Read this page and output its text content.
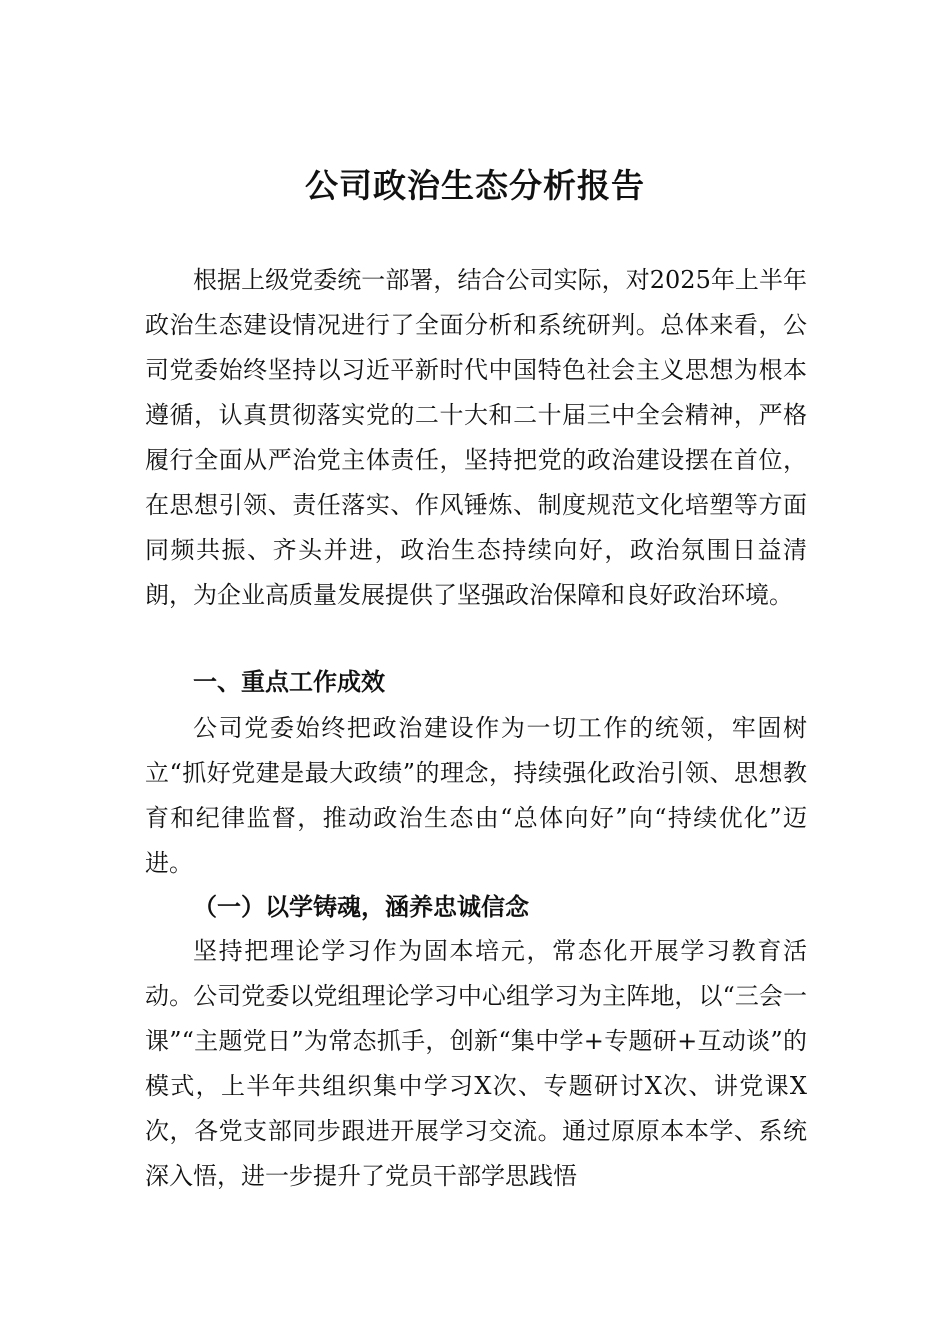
公司政治生态分析报告

根据上级党委统一部署，结合公司实际，对2025年上半年政治生态建设情况进行了全面分析和系统研判。总体来看，公司党委始终坚持以习近平新时代中国特色社会主义思想为根本遵循，认真贯彻落实党的二十大和二十届三中全会精神，严格履行全面从严治党主体责任，坚持把党的政治建设摆在首位，在思想引领、责任落实、作风锤炼、制度规范文化培塑等方面同频共振、齐头并进，政治生态持续向好，政治氛围日益清朗，为企业高质量发展提供了坚强政治保障和良好政治环境。

一、重点工作成效

公司党委始终把政治建设作为一切工作的统领，牢固树立“抓好党建是最大政绩”的理念，持续强化政治引领、思想教育和纪律监督，推动政治生态由“总体向好”向“持续优化”迈进。

（一）以学铸魂，涵养忠诚信念

坚持把理论学习作为固本培元，常态化开展学习教育活动。公司党委以党组理论学习中心组学习为主阵地，以“三会一课”“主题党日”为常态抓手，创新“集中学+专题研+互动谈”的模式，上半年共组织集中学习X次、专题研讨X次、讲党课X次，各党支部同步跟进开展学习交流。通过原原本本学、系统深入悟，进一步提升了党员干部学思践悟
